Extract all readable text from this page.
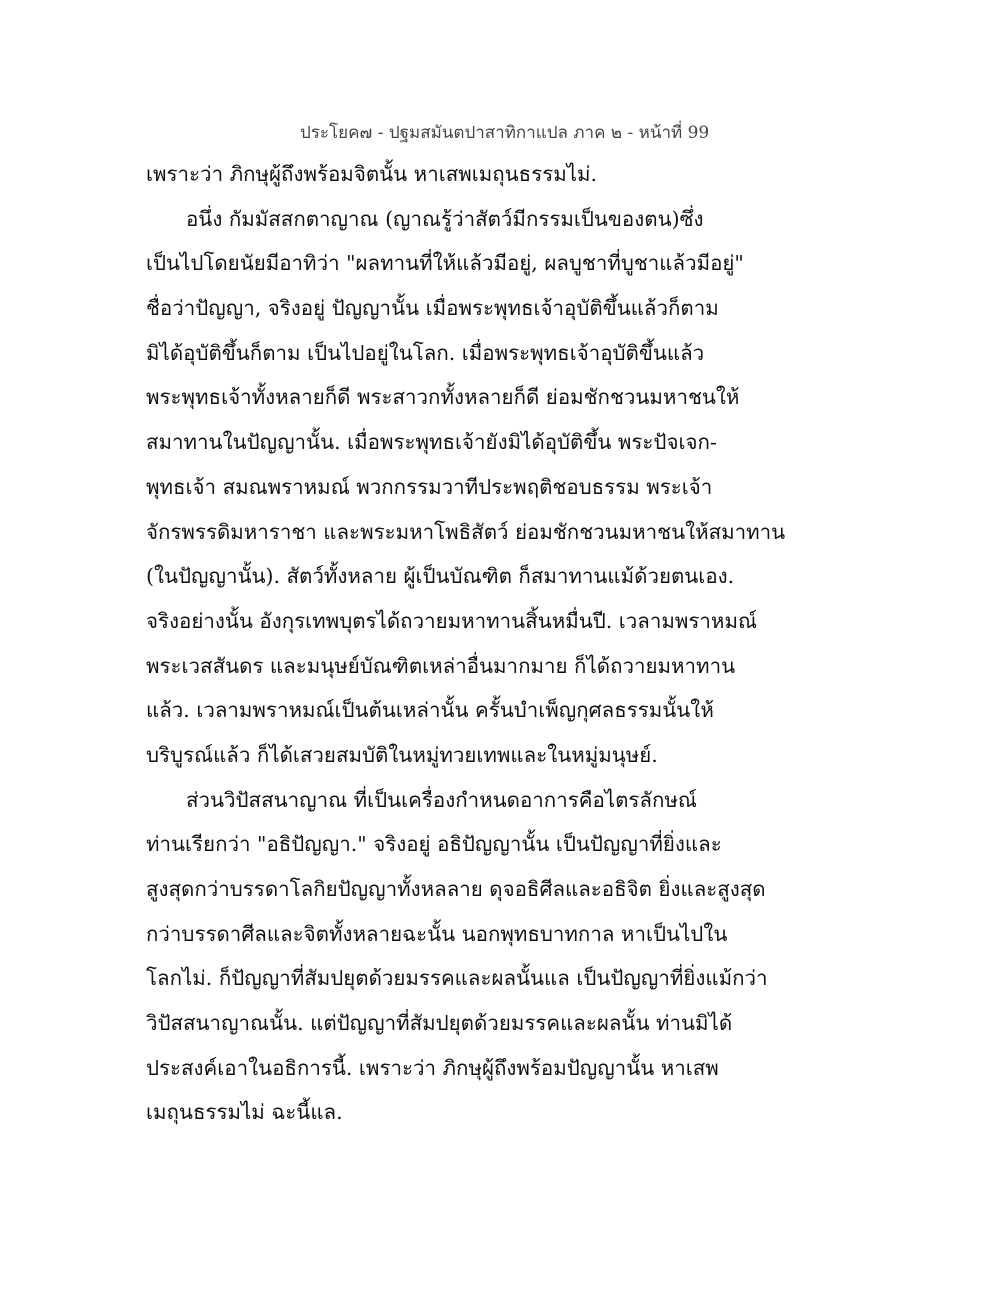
ประโยค๗ - ปฐมสมันตปาสาทิกาแปล ภาค ๒ - หน้าที่ 99
เพราะว่า ภิกษุผู้ถึงพร้อมจิตนั้น หาเสพเมถุนธรรมไม่.
อนึ่ง กัมมัสสกตาญาณ (ญาณรู้ว่าสัตว์มีกรรมเป็นของตน)ซึ่ง
เป็นไปโดยนัยมีอาทิว่า "ผลทานที่ให้แล้วมีอยู่, ผลบูชาที่บูชาแล้วมีอยู่"
ชื่อว่าปัญญา, จริงอยู่ ปัญญานั้น เมื่อพระพุทธเจ้าอุบัติขึ้นแล้วก็ตาม
มิได้อุบัติขึ้นก็ตาม เป็นไปอยู่ในโลก. เมื่อพระพุทธเจ้าอุบัติขึ้นแล้ว
พระพุทธเจ้าทั้งหลายก็ดี พระสาวกทั้งหลายก็ดี ย่อมชักชวนมหาชนให้
สมาทานในปัญญานั้น. เมื่อพระพุทธเจ้ายังมิได้อุบัติขึ้น พระปัจเจก-
พุทธเจ้า สมณพราหมณ์ พวกกรรมวาทีประพฤติชอบธรรม พระเจ้า
จักรพรรดิมหาราชา และพระมหาโพธิสัตว์ ย่อมชักชวนมหาชนให้สมาทาน
(ในปัญญานั้น). สัตว์ทั้งหลาย ผู้เป็นบัณฑิต ก็สมาทานแม้ด้วยตนเอง.
จริงอย่างนั้น อังกุรเทพบุตรได้ถวายมหาทานสิ้นหมื่นปี. เวลามพราหมณ์
พระเวสสันดร และมนุษย์บัณฑิตเหล่าอื่นมากมาย ก็ได้ถวายมหาทาน
แล้ว. เวลามพราหมณ์เป็นต้นเหล่านั้น ครั้นบำเพ็ญกุศลธรรมนั้นให้
บริบูรณ์แล้ว ก็ได้เสวยสมบัติในหมู่ทวยเทพและในหมู่มนุษย์.
ส่วนวิปัสสนาญาณ ที่เป็นเครื่องกำหนดอาการคือไตรลักษณ์
ท่านเรียกว่า "อธิปัญญา." จริงอยู่ อธิปัญญานั้น เป็นปัญญาที่ยิ่งและ
สูงสุดกว่าบรรดาโลกิยปัญญาทั้งหลลาย ดุจอธิศีลและอธิจิต ยิ่งและสูงสุด
กว่าบรรดาศีลและจิตทั้งหลายฉะนั้น นอกพุทธบาทกาล หาเป็นไปใน
โลกไม่. ก็ปัญญาที่สัมปยุตด้วยมรรคและผลนั้นแล เป็นปัญญาที่ยิ่งแม้กว่า
วิปัสสนาญาณนั้น. แต่ปัญญาที่สัมปยุตด้วยมรรคและผลนั้น ท่านมิได้
ประสงค์เอาในอธิการนี้. เพราะว่า ภิกษุผู้ถึงพร้อมปัญญานั้น หาเสพ
เมถุนธรรมไม่ ฉะนี้แล.
